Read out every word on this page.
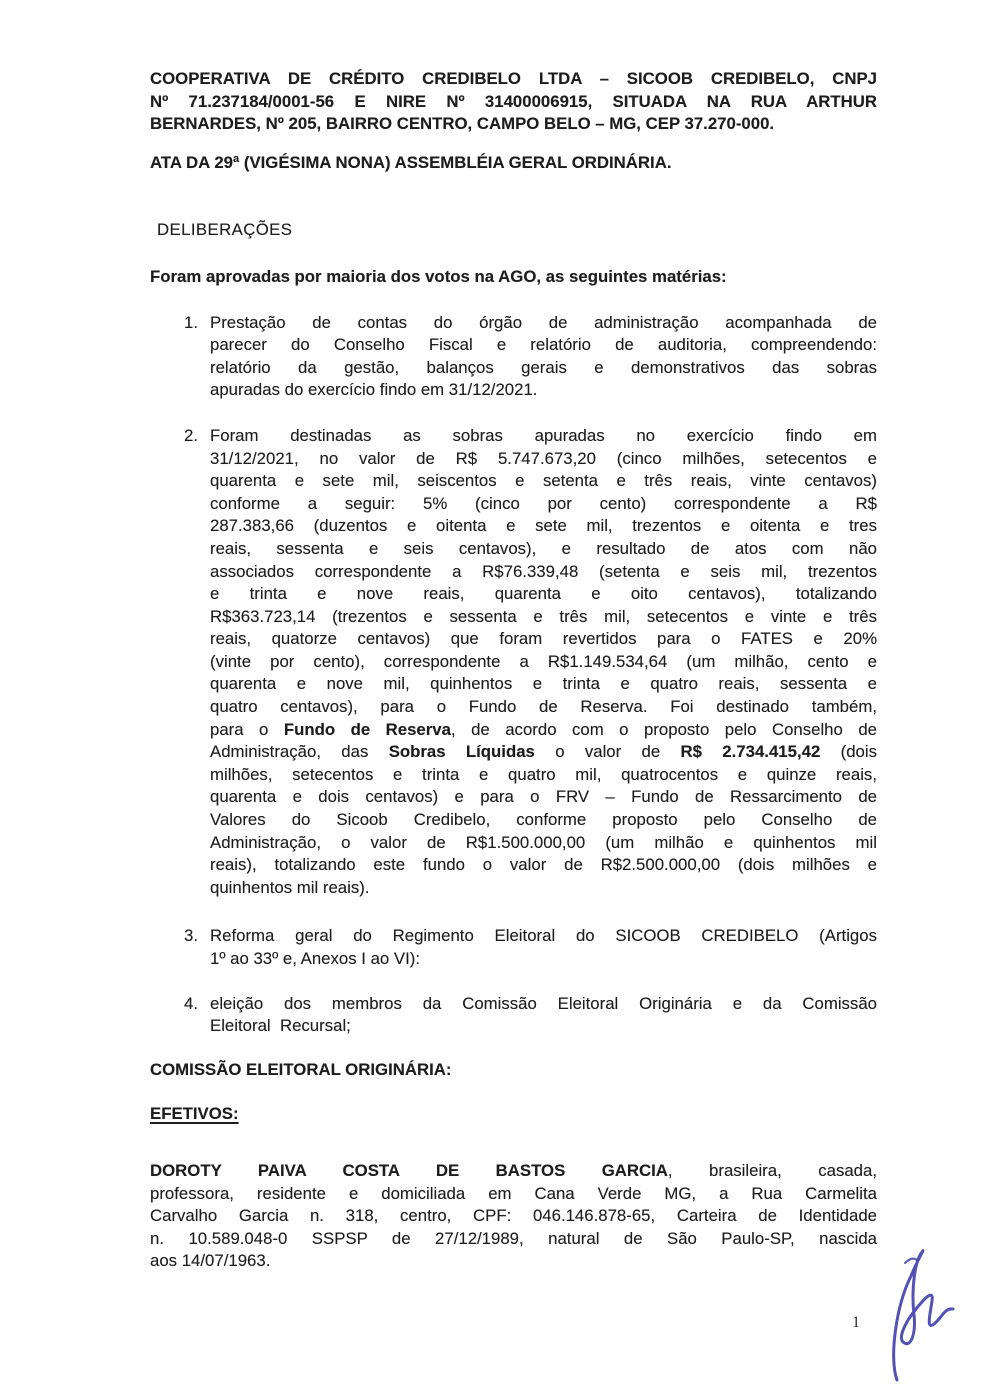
COOPERATIVA DE CRÉDITO CREDIBELO LTDA – SICOOB CREDIBELO, CNPJ
Nº 71.237184/0001-56 E NIRE Nº 31400006915, SITUADA NA RUA ARTHUR
BERNARDES, Nº 205, BAIRRO CENTRO, CAMPO BELO – MG, CEP 37.270-000.

ATA DA 29ª (VIGÉSIMA NONA) ASSEMBLÉIA GERAL ORDINÁRIA.

DELIBERAÇÕES

Foram aprovadas por maioria dos votos na AGO, as seguintes matérias:

1. Prestação de contas do órgão de administração acompanhada de
parecer do Conselho Fiscal e relatório de auditoria, compreendendo:
relatório da gestão, balanços gerais e demonstrativos das sobras
apuradas do exercício findo em 31/12/2021.
2. Foram destinadas as sobras apuradas no exercício findo em
31/12/2021, no valor de R$ 5.747.673,20 (cinco milhões, setecentos e
quarenta e sete mil, seiscentos e setenta e três reais, vinte centavos)
conforme a seguir: 5% (cinco por cento) correspondente a R$
287.383,66 (duzentos e oitenta e sete mil, trezentos e oitenta e tres
reais, sessenta e seis centavos), e resultado de atos com não
associados correspondente a R$76.339,48 (setenta e seis mil, trezentos
e trinta e nove reais, quarenta e oito centavos), totalizando
R$363.723,14 (trezentos e sessenta e três mil, setecentos e vinte e três
reais, quatorze centavos) que foram revertidos para o FATES e 20%
(vinte por cento), correspondente a R$1.149.534,64 (um milhão, cento e
quarenta e nove mil, quinhentos e trinta e quatro reais, sessenta e
quatro centavos), para o Fundo de Reserva. Foi destinado também,
para o Fundo de Reserva, de acordo com o proposto pelo Conselho de
Administração, das Sobras Líquidas o valor de R$ 2.734.415,42 (dois
milhões, setecentos e trinta e quatro mil, quatrocentos e quinze reais,
quarenta e dois centavos) e para o FRV – Fundo de Ressarcimento de
Valores do Sicoob Credibelo, conforme proposto pelo Conselho de
Administração, o valor de R$1.500.000,00 (um milhão e quinhentos mil
reais), totalizando este fundo o valor de R$2.500.000,00 (dois milhões e
quinhentos mil reais).
3. Reforma geral do Regimento Eleitoral do SICOOB CREDIBELO (Artigos
1º ao 33º e, Anexos I ao VI):
4. eleição dos membros da Comissão Eleitoral Originária e da Comissão
Eleitoral  Recursal;

COMISSÃO ELEITORAL ORIGINÁRIA:

EFETIVOS:
DOROTY PAIVA COSTA DE BASTOS GARCIA, brasileira, casada,
professora, residente e domiciliada em Cana Verde MG, a Rua Carmelita
Carvalho Garcia n. 318, centro, CPF: 046.146.878-65, Carteira de Identidade
n. 10.589.048-0 SSPSP de 27/12/1989, natural de São Paulo-SP, nascida
aos 14/07/1963.
1
